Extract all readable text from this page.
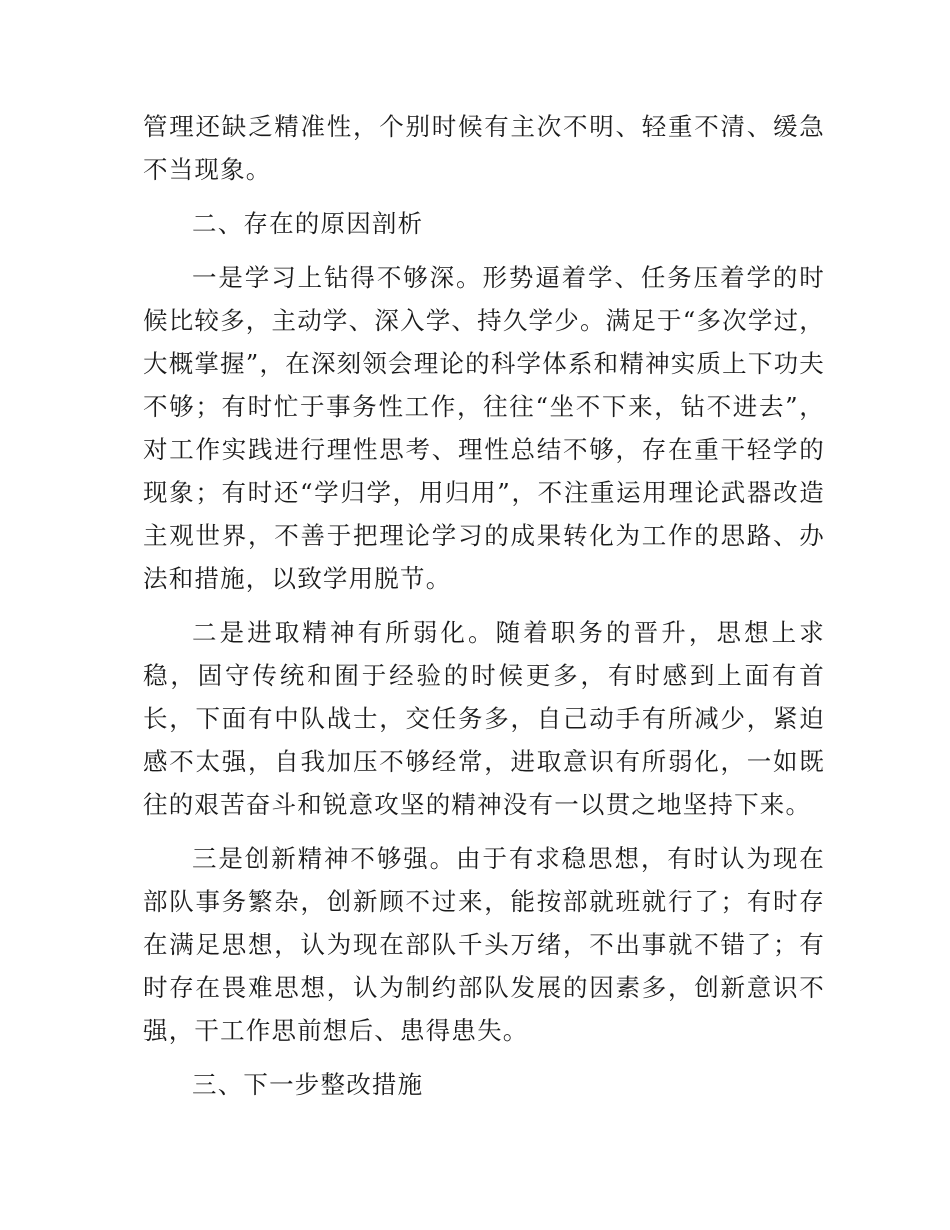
管理还缺乏精准性，个别时候有主次不明、轻重不清、缓急不当现象。

二、存在的原因剖析

一是学习上钻得不够深。形势逼着学、任务压着学的时候比较多，主动学、深入学、持久学少。满足于“多次学过，大概掌握”，在深刻领会理论的科学体系和精神实质上下功夫不够；有时忙于事务性工作，往往“坐不下来，钻不进去”，对工作实践进行理性思考、理性总结不够，存在重干轻学的现象；有时还“学归学，用归用”，不注重运用理论武器改造主观世界，不善于把理论学习的成果转化为工作的思路、办法和措施，以致学用脱节。

二是进取精神有所弱化。随着职务的晋升，思想上求稳，固守传统和囿于经验的时候更多，有时感到上面有首长，下面有中队战士，交任务多，自己动手有所减少，紧迫感不太强，自我加压不够经常，进取意识有所弱化，一如既往的艰苦奋斗和锐意攻坚的精神没有一以贯之地坚持下来。

三是创新精神不够强。由于有求稳思想，有时认为现在部队事务繁杂，创新顾不过来，能按部就班就行了；有时存在满足思想，认为现在部队千头万绪，不出事就不错了；有时存在畏难思想，认为制约部队发展的因素多，创新意识不强，干工作思前想后、患得患失。

三、下一步整改措施
